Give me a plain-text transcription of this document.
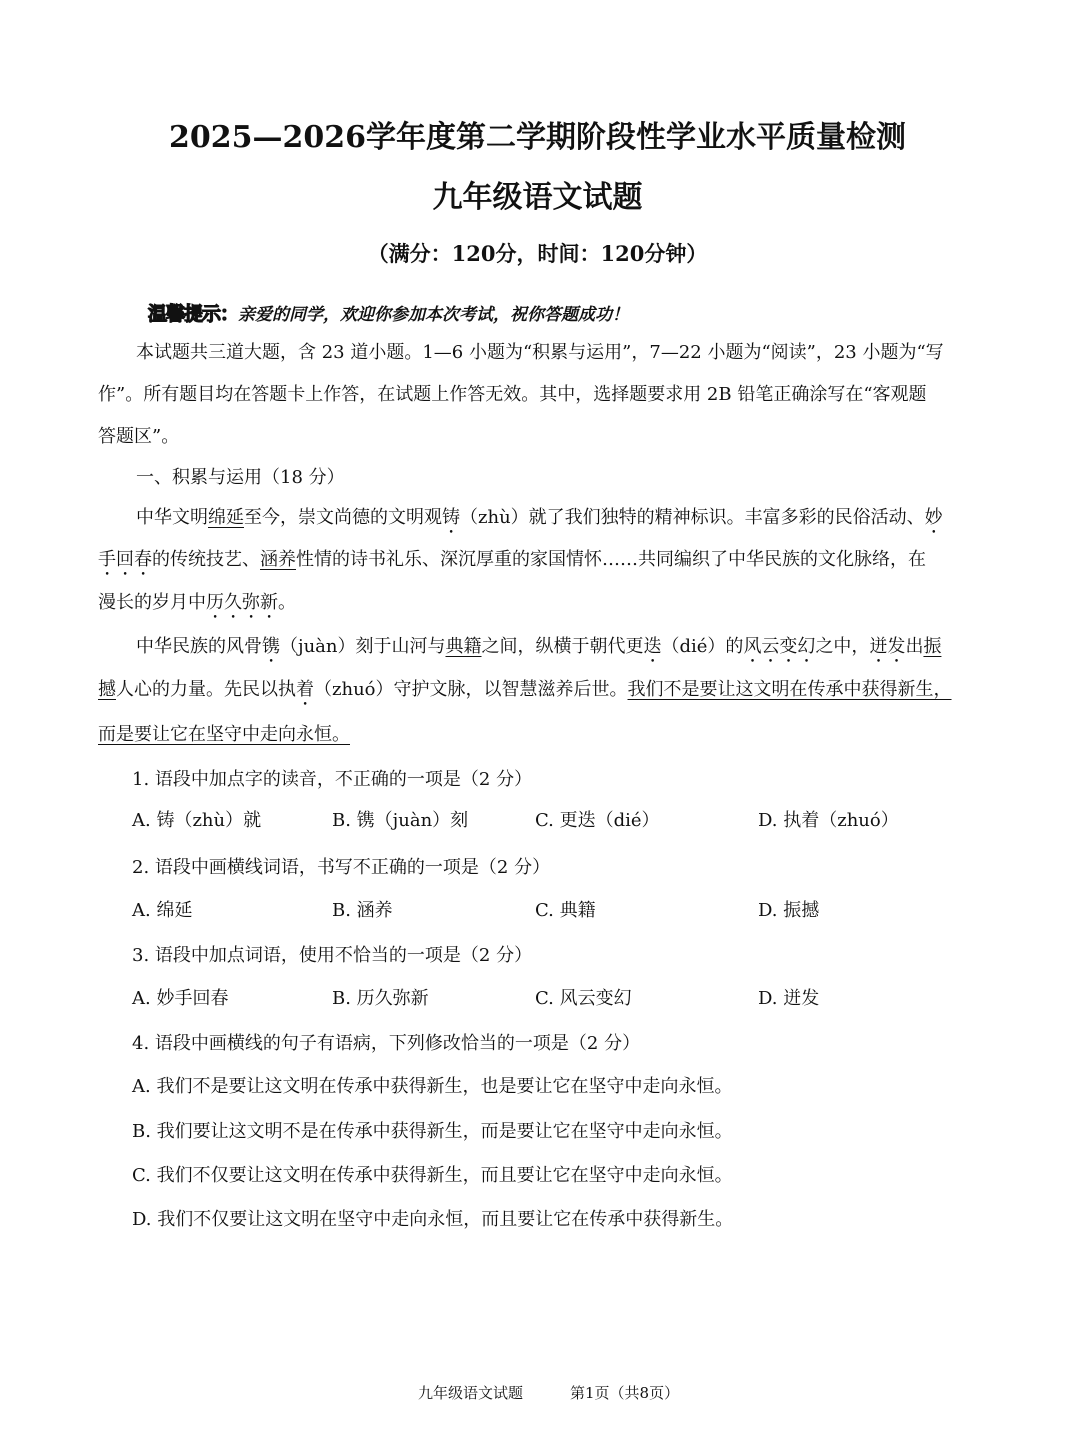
2025—2026学年度第二学期阶段性学业水平质量检测
九年级语文试题
（满分：120分，时间：120分钟）
温馨提示：亲爱的同学，欢迎你参加本次考试，祝你答题成功！
本试题共三道大题，含 23 道小题。1—6 小题为“积累与运用”，7—22 小题为“阅读”，23 小题为“写
作”。所有题目均在答题卡上作答，在试题上作答无效。其中，选择题要求用 2B 铅笔正确涂写在“客观题
答题区”。
一、积累与运用（18 分）
中华文明绵延至今，崇文尚德的文明观铸（zhù）就了我们独特的精神标识。丰富多彩的民俗活动、妙
手回春的传统技艺、涵养性情的诗书礼乐、深沉厚重的家国情怀……共同编织了中华民族的文化脉络，在
漫长的岁月中历久弥新。
中华民族的风骨镌（juàn）刻于山河与典籍之间，纵横于朝代更迭（dié）的风云变幻之中，迸发出振
撼人心的力量。先民以执着（zhuó）守护文脉，以智慧滋养后世。我们不是要让这文明在传承中获得新生，
而是要让它在坚守中走向永恒。
1. 语段中加点字的读音，不正确的一项是（2 分）
A. 铸（zhù）就	B. 镌（juàn）刻	C. 更迭（dié）	D. 执着（zhuó）
2. 语段中画横线词语，书写不正确的一项是（2 分）
A. 绵延	B. 涵养	C. 典籍	D. 振撼
3. 语段中加点词语，使用不恰当的一项是（2 分）
A. 妙手回春	B. 历久弥新	C. 风云变幻	D. 迸发
4. 语段中画横线的句子有语病，下列修改恰当的一项是（2 分）
A. 我们不是要让这文明在传承中获得新生，也是要让它在坚守中走向永恒。
B. 我们要让这文明不是在传承中获得新生，而是要让它在坚守中走向永恒。
C. 我们不仅要让这文明在传承中获得新生，而且要让它在坚守中走向永恒。
D. 我们不仅要让这文明在坚守中走向永恒，而且要让它在传承中获得新生。
九年级语文试题	第1页（共8页）
